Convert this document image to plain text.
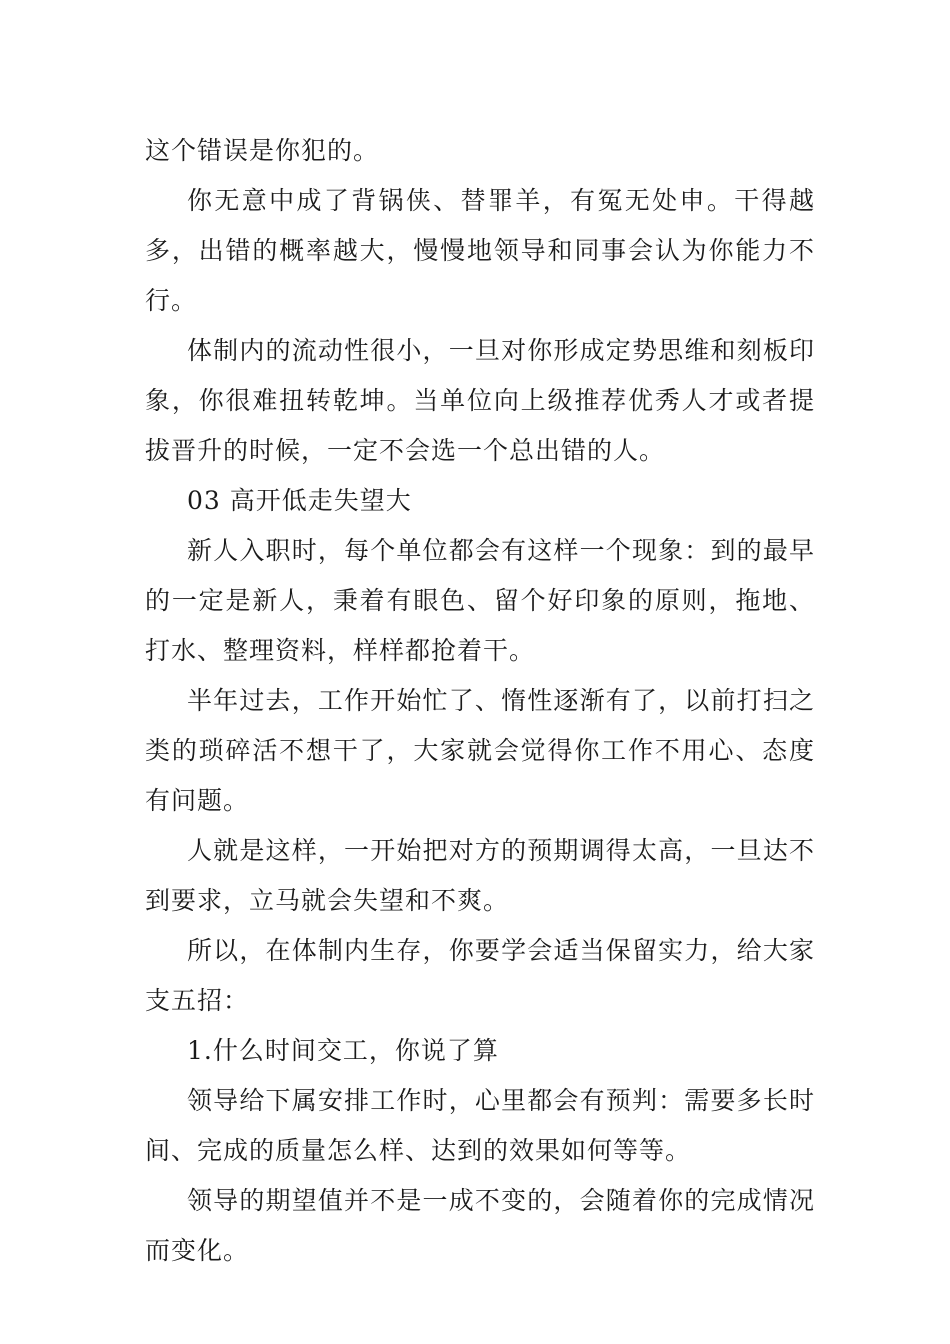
这个错误是你犯的。

你无意中成了背锅侠、替罪羊，有冤无处申。干得越多，出错的概率越大，慢慢地领导和同事会认为你能力不行。

体制内的流动性很小，一旦对你形成定势思维和刻板印象，你很难扭转乾坤。当单位向上级推荐优秀人才或者提拔晋升的时候，一定不会选一个总出错的人。

03 高开低走失望大

新人入职时，每个单位都会有这样一个现象：到的最早的一定是新人，秉着有眼色、留个好印象的原则，拖地、打水、整理资料，样样都抢着干。

半年过去，工作开始忙了、惰性逐渐有了，以前打扫之类的琐碎活不想干了，大家就会觉得你工作不用心、态度有问题。

人就是这样，一开始把对方的预期调得太高，一旦达不到要求，立马就会失望和不爽。

所以，在体制内生存，你要学会适当保留实力，给大家支五招：

1.什么时间交工，你说了算

领导给下属安排工作时，心里都会有预判：需要多长时间、完成的质量怎么样、达到的效果如何等等。

领导的期望值并不是一成不变的，会随着你的完成情况而变化。
